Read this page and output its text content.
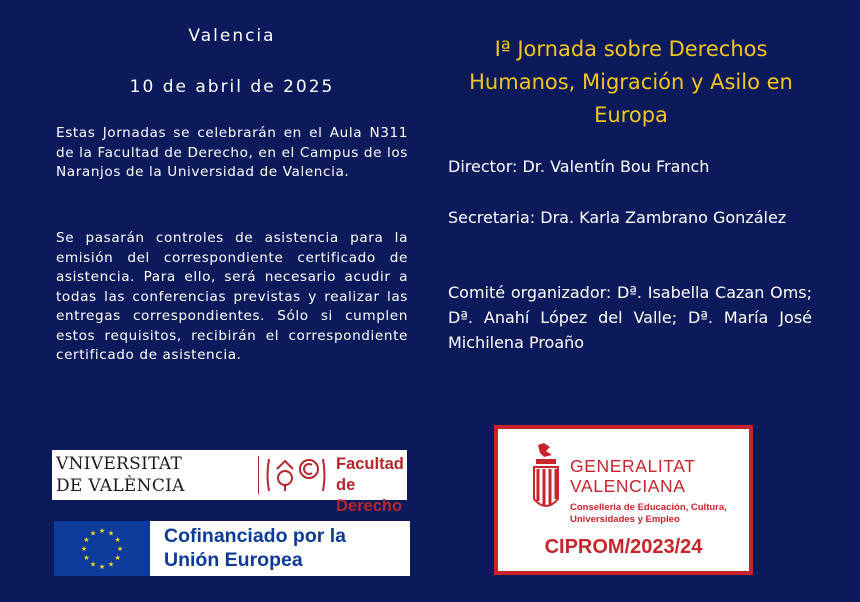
Valencia
10 de abril de 2025

Estas Jornadas se celebrarán en el Aula N311 de la Facultad de Derecho, en el Campus de los Naranjos de la Universidad de Valencia.

Se pasarán controles de asistencia para la emisión del correspondiente certificado de asistencia. Para ello, será necesario acudir a todas las conferencias previstas y realizar las entregas correspondientes. Sólo si cumplen estos requisitos, recibirán el correspondiente certificado de asistencia.

Iª Jornada sobre Derechos Humanos, Migración y Asilo en Europa

Director: Dr. Valentín Bou Franch

Secretaria: Dra. Karla Zambrano González

Comité organizador: Dª. Isabella Cazan Oms; Dª. Anahí López del Valle; Dª. María José Michilena Proaño

VNIVERSITAT DE VALÈNCIA
Facultad de Derecho
★ ★
★
★
★
★
★
★
★
★
★
★	Cofinanciado por la Unión Europea
GENERALITAT VALENCIANA
Conselleria de Educación, Cultura, Universidades y Empleo
CIPROM/2023/24
